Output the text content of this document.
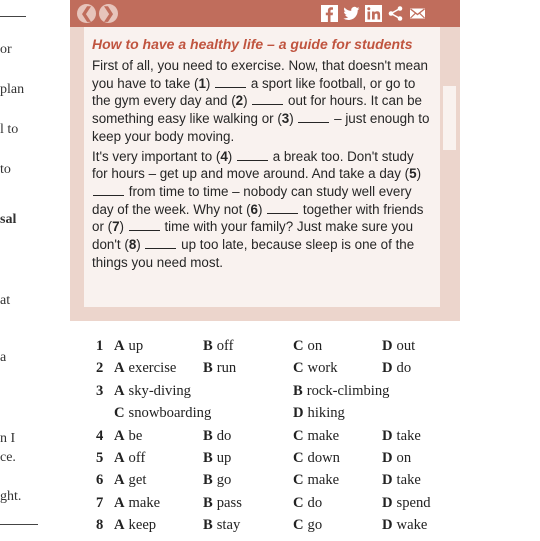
or
plan
l to
to
sal
at
a
n I
ce.
ght.
❮ ❯
How to have a healthy life – a guide for students

First of all, you need to exercise. Now, that doesn't mean you have to take (1)  a sport like football, or go to the gym every day and (2)  out for hours. It can be something easy like walking or (3)  – just enough to keep your body moving.

It's very important to (4)  a break too. Don't study for hours – get up and move around. And take a day (5)  from time to time – nobody can study well every day of the week. Why not (6)  together with friends or (7)  time with your family? Just make sure you don't (8)  up too late, because sleep is one of the things you need most.

1 A up	B off	C on	D out
2 A exercise B run	C work	D do
3 A sky-diving	B rock-climbing
C snowboarding	D hiking
4 A be	B do	C make	D take
5 A off	B up	C down	D on
6 A get	B go	C make	D take
7 A make	B pass	C do	D spend
8 A keep	B stay	C go	D wake
